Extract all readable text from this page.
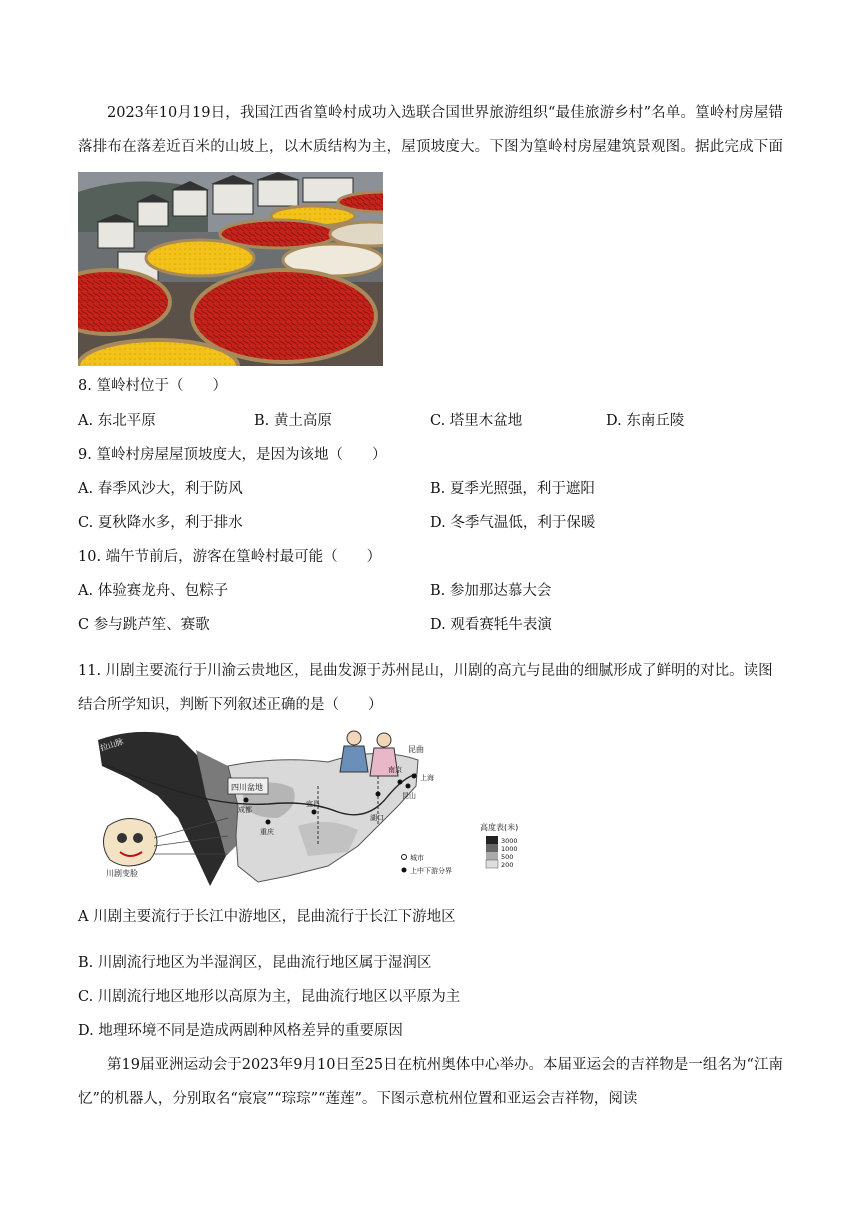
2023年10月19日，我国江西省篁岭村成功入选联合国世界旅游组织“最佳旅游乡村”名单。篁岭村房屋错落排布在落差近百米的山坡上，以木质结构为主，屋顶坡度大。下图为篁岭村房屋建筑景观图。据此完成下面
8. 篁岭村位于（　　）
A. 东北平原	B. 黄土高原	C. 塔里木盆地	D. 东南丘陵
9. 篁岭村房屋屋顶坡度大，是因为该地（　　）
A. 春季风沙大，利于防风	B. 夏季光照强，利于遮阳
C. 夏秋降水多，利于排水	D. 冬季气温低，利于保暖
10. 端午节前后，游客在篁岭村最可能（　　）
A. 体验赛龙舟、包粽子	B. 参加那达慕大会
C 参与跳芦笙、赛歌	D. 观看赛牦牛表演
11. 川剧主要流行于川渝云贵地区，昆曲发源于苏州昆山，川剧的高亢与昆曲的细腻形成了鲜明的对比。读图结合所学知识，判断下列叙述正确的是（　　）
唐古拉山脉
四川盆地
川剧变脸
昆曲
宜昌
湖口
南京
上海
昆山
重庆
成都
高度表(米)
3000
1000
500
200
城市
上中下游分界
A 川剧主要流行于长江中游地区，昆曲流行于长江下游地区
B. 川剧流行地区为半湿润区，昆曲流行地区属于湿润区
C. 川剧流行地区地形以高原为主，昆曲流行地区以平原为主
D. 地理环境不同是造成两剧种风格差异的重要原因
第19届亚洲运动会于2023年9月10日至25日在杭州奥体中心举办。本届亚运会的吉祥物是一组名为“江南忆”的机器人，分别取名“宸宸”“琮琮”“莲莲”。下图示意杭州位置和亚运会吉祥物，阅读
